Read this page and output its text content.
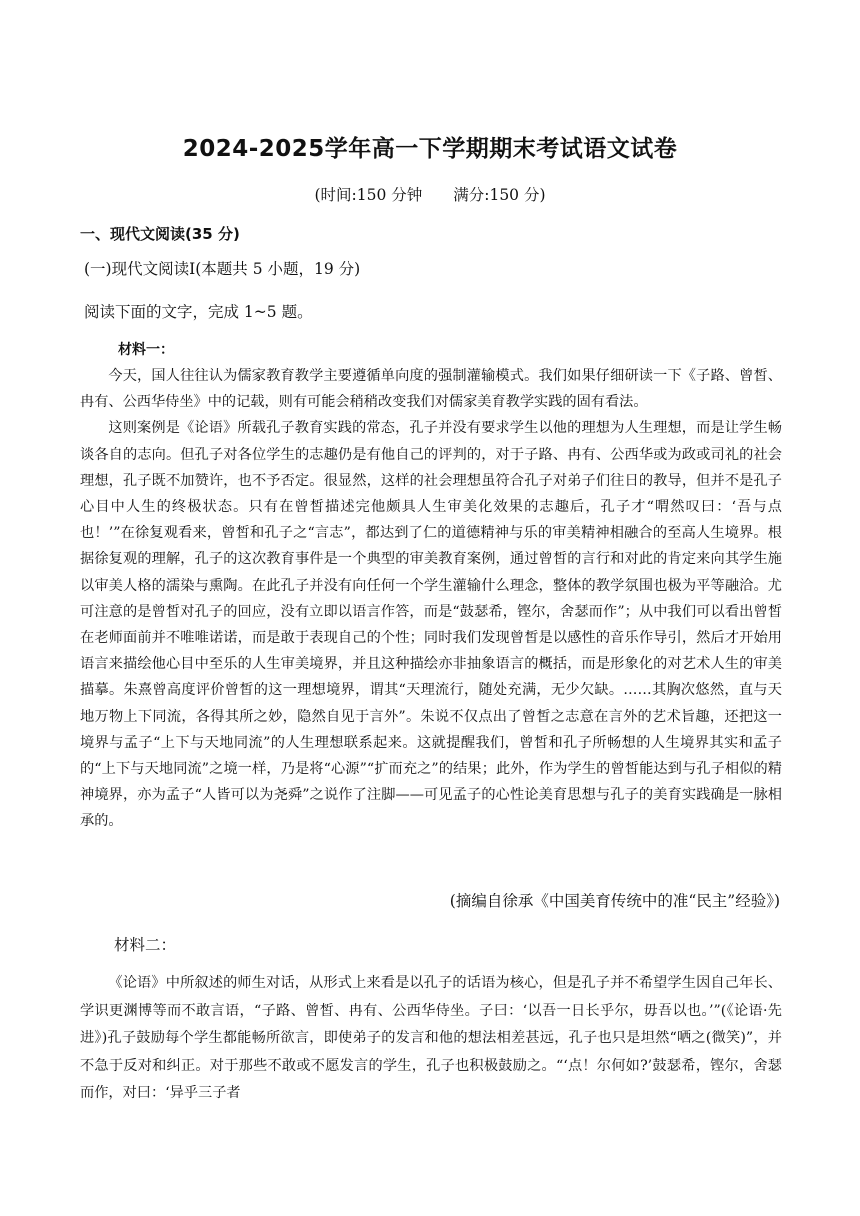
2024-2025学年高一下学期期末考试语文试卷
(时间:150 分钟　　满分:150 分)
一、现代文阅读(35 分)
(一)现代文阅读Ⅰ(本题共 5 小题，19 分)
阅读下面的文字，完成 1~5 题。
材料一：

今天，国人往往认为儒家教育教学主要遵循单向度的强制灌输模式。我们如果仔细研读一下《子路、曾皙、冉有、公西华侍坐》中的记载，则有可能会稍稍改变我们对儒家美育教学实践的固有看法。

这则案例是《论语》所载孔子教育实践的常态，孔子并没有要求学生以他的理想为人生理想，而是让学生畅谈各自的志向。但孔子对各位学生的志趣仍是有他自己的评判的，对于子路、冉有、公西华或为政或司礼的社会理想，孔子既不加赞许，也不予否定。很显然，这样的社会理想虽符合孔子对弟子们往日的教导，但并不是孔子心目中人生的终极状态。只有在曾皙描述完他颇具人生审美化效果的志趣后，孔子才“喟然叹曰：‘吾与点也！’”在徐复观看来，曾皙和孔子之“言志”，都达到了仁的道德精神与乐的审美精神相融合的至高人生境界。根据徐复观的理解，孔子的这次教育事件是一个典型的审美教育案例，通过曾皙的言行和对此的肯定来向其学生施以审美人格的濡染与熏陶。在此孔子并没有向任何一个学生灌输什么理念，整体的教学氛围也极为平等融洽。尤可注意的是曾皙对孔子的回应，没有立即以语言作答，而是“鼓瑟希，铿尔，舍瑟而作”；从中我们可以看出曾皙在老师面前并不唯唯诺诺，而是敢于表现自己的个性；同时我们发现曾皙是以感性的音乐作导引，然后才开始用语言来描绘他心目中至乐的人生审美境界，并且这种描绘亦非抽象语言的概括，而是形象化的对艺术人生的审美描摹。朱熹曾高度评价曾皙的这一理想境界，谓其“天理流行，随处充满，无少欠缺。……其胸次悠然，直与天地万物上下同流，各得其所之妙，隐然自见于言外”。朱说不仅点出了曾皙之志意在言外的艺术旨趣，还把这一境界与孟子“上下与天地同流”的人生理想联系起来。这就提醒我们，曾皙和孔子所畅想的人生境界其实和孟子的“上下与天地同流”之境一样，乃是将“心源”“扩而充之”的结果；此外，作为学生的曾皙能达到与孔子相似的精神境界，亦为孟子“人皆可以为尧舜”之说作了注脚——可见孟子的心性论美育思想与孔子的美育实践确是一脉相承的。

(摘编自徐承《中国美育传统中的准“民主”经验》)
材料二：

《论语》中所叙述的师生对话，从形式上来看是以孔子的话语为核心，但是孔子并不希望学生因自己年长、学识更渊博等而不敢言语，“子路、曾皙、冉有、公西华侍坐。子曰：‘以吾一日长乎尔，毋吾以也。’”(《论语·先进》)孔子鼓励每个学生都能畅所欲言，即使弟子的发言和他的想法相差甚远，孔子也只是坦然“哂之(微笑)”，并不急于反对和纠正。对于那些不敢或不愿发言的学生，孔子也积极鼓励之。“‘点！尔何如?’鼓瑟希，铿尔，舍瑟而作，对曰：‘异乎三子者
